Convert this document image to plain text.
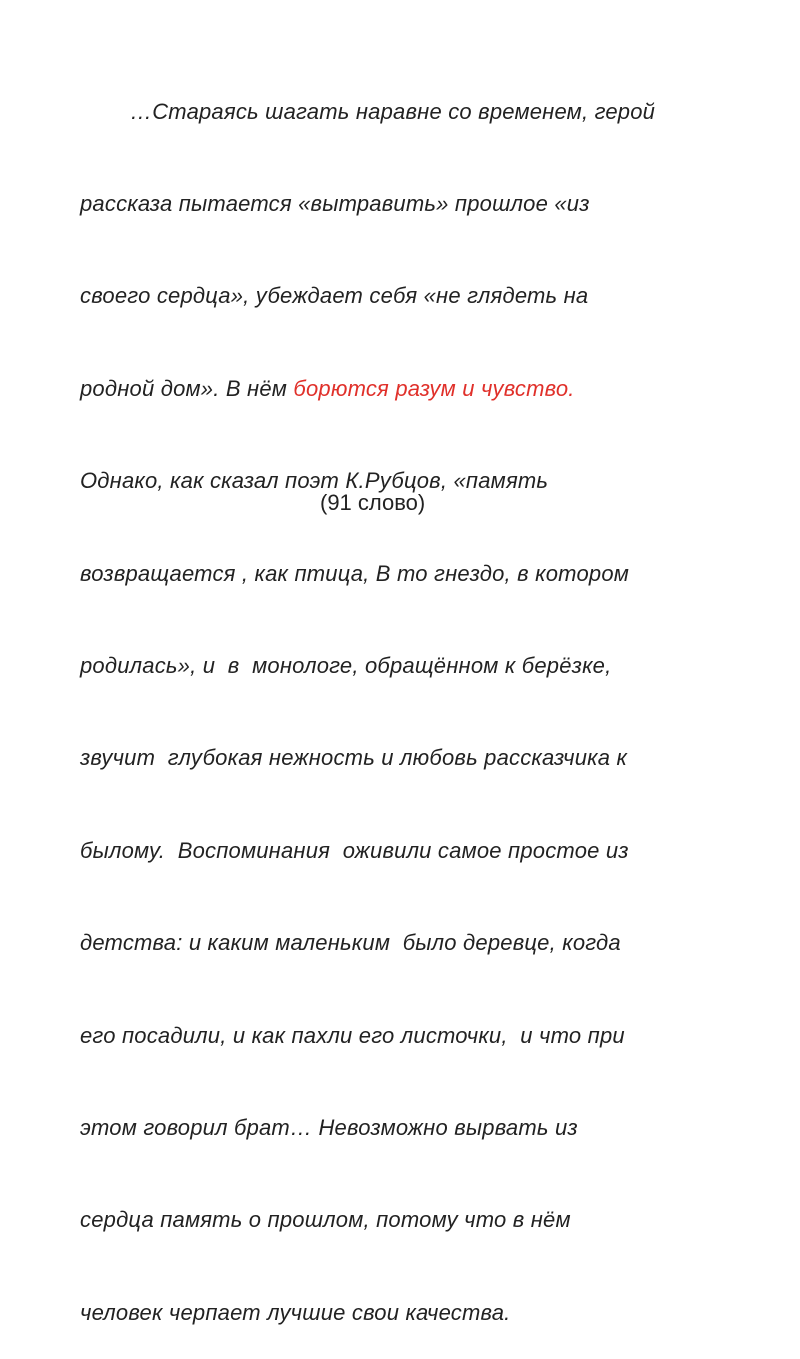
…Стараясь шагать наравне со временем, герой

рассказа пытается «вытравить» прошлое «из

своего сердца», убеждает себя «не глядеть на

родной дом». В нём борются разум и чувство.

Однако, как сказал поэт К.Рубцов, «память

возвращается , как птица, В то гнездо, в котором

родилась», и  в  монологе, обращённом к берёзке,

звучит  глубокая нежность и любовь рассказчика к

былому.  Воспоминания  оживили самое простое из

детства: и каким маленьким  было деревце, когда

его посадили, и как пахли его листочки,  и что при

этом говорил брат… Невозможно вырвать из

сердца память о прошлом, потому что в нём

человек черпает лучшие свои качества.

(91 слово)
